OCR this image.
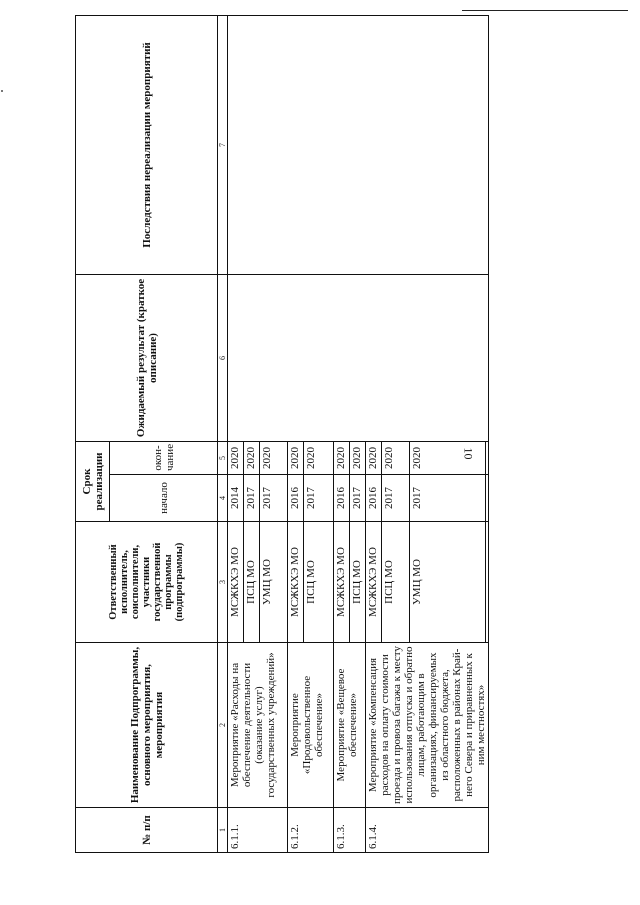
10
№ п/п	Наименование Подпрограммы, основного мероприятия, мероприятия	Ответственный исполнитель, соисполнители, участники государственной программы (подпрограммы)	Срок реализации		Ожидаемый результат (краткое описание)	Последствия нереализации мероприятий
			начало	окон-чание		
1	2	3	4	5	6	7
6.1.1.	Мероприятие «Расходы на обеспечение деятельности (оказание услуг) государственных учреждений»	МСЖКХЭ МО	2014	2020		
		ПСЦ МО	2017	2020		
		УМЦ МО	2017	2020		
6.1.2.	Мероприятие «Продовольственное обеспечение»	МСЖКХЭ МО	2016	2020		
		ПСЦ МО	2017	2020		
6.1.3.	Мероприятие «Вещевое обеспечение»	МСЖКХЭ МО	2016	2020		
		ПСЦ МО	2017	2020		
6.1.4.	Мероприятие «Компенсация расходов на оплату стоимости проезда и провоза багажа к месту использования отпуска и обратно лицам, работающим в организациях, финансируемых из областного бюджета, расположенных в районах Край-него Севера и приравненных к ним местностях»	МСЖКХЭ МО	2016	2020		
		ПСЦ МО	2017	2020		
		УМЦ МО	2017	2020		
